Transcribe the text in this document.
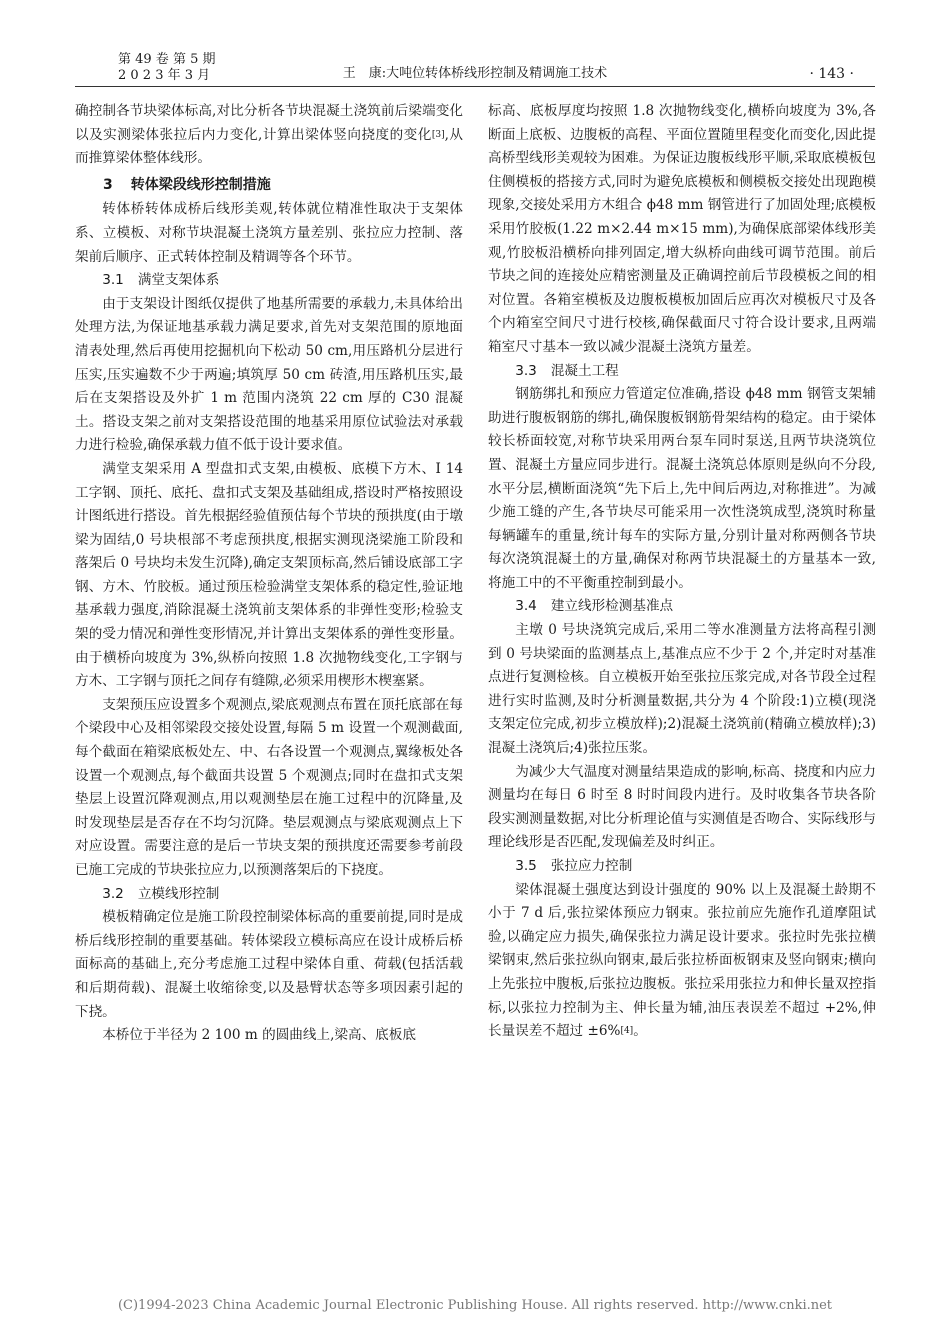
第 49 卷 第 5 期
2 0 2 3 年 3 月	王　康:大吨位转体桥线形控制及精调施工技术	· 143 ·

确控制各节块梁体标高,对比分析各节块混凝土浇筑前后梁端变化以及实测梁体张拉后内力变化,计算出梁体竖向挠度的变化[3],从而推算梁体整体线形。

3 转体梁段线形控制措施

转体桥转体成桥后线形美观,转体就位精准性取决于支架体系、立模板、对称节块混凝土浇筑方量差别、张拉应力控制、落架前后顺序、正式转体控制及精调等各个环节。

3.1 满堂支架体系

由于支架设计图纸仅提供了地基所需要的承载力,未具体给出处理方法,为保证地基承载力满足要求,首先对支架范围的原地面清表处理,然后再使用挖掘机向下松动 50 cm,用压路机分层进行压实,压实遍数不少于两遍;填筑厚 50 cm 砖渣,用压路机压实,最后在支架搭设及外扩 1 m 范围内浇筑 22 cm 厚的 C30 混凝土。搭设支架之前对支架搭设范围的地基采用原位试验法对承载力进行检验,确保承载力值不低于设计要求值。

满堂支架采用 A 型盘扣式支架,由模板、底模下方木、I 14 工字钢、顶托、底托、盘扣式支架及基础组成,搭设时严格按照设计图纸进行搭设。首先根据经验值预估每个节块的预拱度(由于墩梁为固结,0 号块根部不考虑预拱度,根据实测现浇梁施工阶段和落架后 0 号块均未发生沉降),确定支架顶标高,然后铺设底部工字钢、方木、竹胶板。通过预压检验满堂支架体系的稳定性,验证地基承载力强度,消除混凝土浇筑前支架体系的非弹性变形;检验支架的受力情况和弹性变形情况,并计算出支架体系的弹性变形量。由于横桥向坡度为 3%,纵桥向按照 1.8 次抛物线变化,工字钢与方木、工字钢与顶托之间存有缝隙,必须采用楔形木楔塞紧。

支架预压应设置多个观测点,梁底观测点布置在顶托底部在每个梁段中心及相邻梁段交接处设置,每隔 5 m 设置一个观测截面,每个截面在箱梁底板处左、中、右各设置一个观测点,翼缘板处各设置一个观测点,每个截面共设置 5 个观测点;同时在盘扣式支架垫层上设置沉降观测点,用以观测垫层在施工过程中的沉降量,及时发现垫层是否存在不均匀沉降。垫层观测点与梁底观测点上下对应设置。需要注意的是后一节块支架的预拱度还需要参考前段已施工完成的节块张拉应力,以预测落架后的下挠度。

3.2 立模线形控制

模板精确定位是施工阶段控制梁体标高的重要前提,同时是成桥后线形控制的重要基础。转体梁段立模标高应在设计成桥后桥面标高的基础上,充分考虑施工过程中梁体自重、荷载(包括活载和后期荷载)、混凝土收缩徐变,以及悬臂状态等多项因素引起的下挠。

本桥位于半径为 2 100 m 的圆曲线上,梁高、底板底

标高、底板厚度均按照 1.8 次抛物线变化,横桥向坡度为 3%,各断面上底板、边腹板的高程、平面位置随里程变化而变化,因此提高桥型线形美观较为困难。为保证边腹板线形平顺,采取底模板包住侧模板的搭接方式,同时为避免底模板和侧模板交接处出现跑模现象,交接处采用方木组合 ϕ48 mm 钢管进行了加固处理;底模板采用竹胶板(1.22 m×2.44 m×15 mm),为确保底部梁体线形美观,竹胶板沿横桥向排列固定,增大纵桥向曲线可调节范围。前后节块之间的连接处应精密测量及正确调控前后节段模板之间的相对位置。各箱室模板及边腹板模板加固后应再次对模板尺寸及各个内箱室空间尺寸进行校核,确保截面尺寸符合设计要求,且两端箱室尺寸基本一致以减少混凝土浇筑方量差。

3.3 混凝土工程

钢筋绑扎和预应力管道定位准确,搭设 ϕ48 mm 钢管支架辅助进行腹板钢筋的绑扎,确保腹板钢筋骨架结构的稳定。由于梁体较长桥面较宽,对称节块采用两台泵车同时泵送,且两节块浇筑位置、混凝土方量应同步进行。混凝土浇筑总体原则是纵向不分段,水平分层,横断面浇筑“先下后上,先中间后两边,对称推进”。为减少施工缝的产生,各节块尽可能采用一次性浇筑成型,浇筑时称量每辆罐车的重量,统计每车的实际方量,分别计量对称两侧各节块每次浇筑混凝土的方量,确保对称两节块混凝土的方量基本一致,将施工中的不平衡重控制到最小。

3.4 建立线形检测基准点

主墩 0 号块浇筑完成后,采用二等水准测量方法将高程引测到 0 号块梁面的监测基点上,基准点应不少于 2 个,并定时对基准点进行复测检核。自立模板开始至张拉压浆完成,对各节段全过程进行实时监测,及时分析测量数据,共分为 4 个阶段:1)立模(现浇支架定位完成,初步立模放样);2)混凝土浇筑前(精确立模放样);3)混凝土浇筑后;4)张拉压浆。

为减少大气温度对测量结果造成的影响,标高、挠度和内应力测量均在每日 6 时至 8 时时间段内进行。及时收集各节块各阶段实测测量数据,对比分析理论值与实测值是否吻合、实际线形与理论线形是否匹配,发现偏差及时纠正。

3.5 张拉应力控制

梁体混凝土强度达到设计强度的 90% 以上及混凝土龄期不小于 7 d 后,张拉梁体预应力钢束。张拉前应先施作孔道摩阻试验,以确定应力损失,确保张拉力满足设计要求。张拉时先张拉横梁钢束,然后张拉纵向钢束,最后张拉桥面板钢束及竖向钢束;横向上先张拉中腹板,后张拉边腹板。张拉采用张拉力和伸长量双控指标,以张拉力控制为主、伸长量为辅,油压表误差不超过 +2%,伸长量误差不超过 ±6%[4]。

(C)1994-2023 China Academic Journal Electronic Publishing House. All rights reserved. http://www.cnki.net
